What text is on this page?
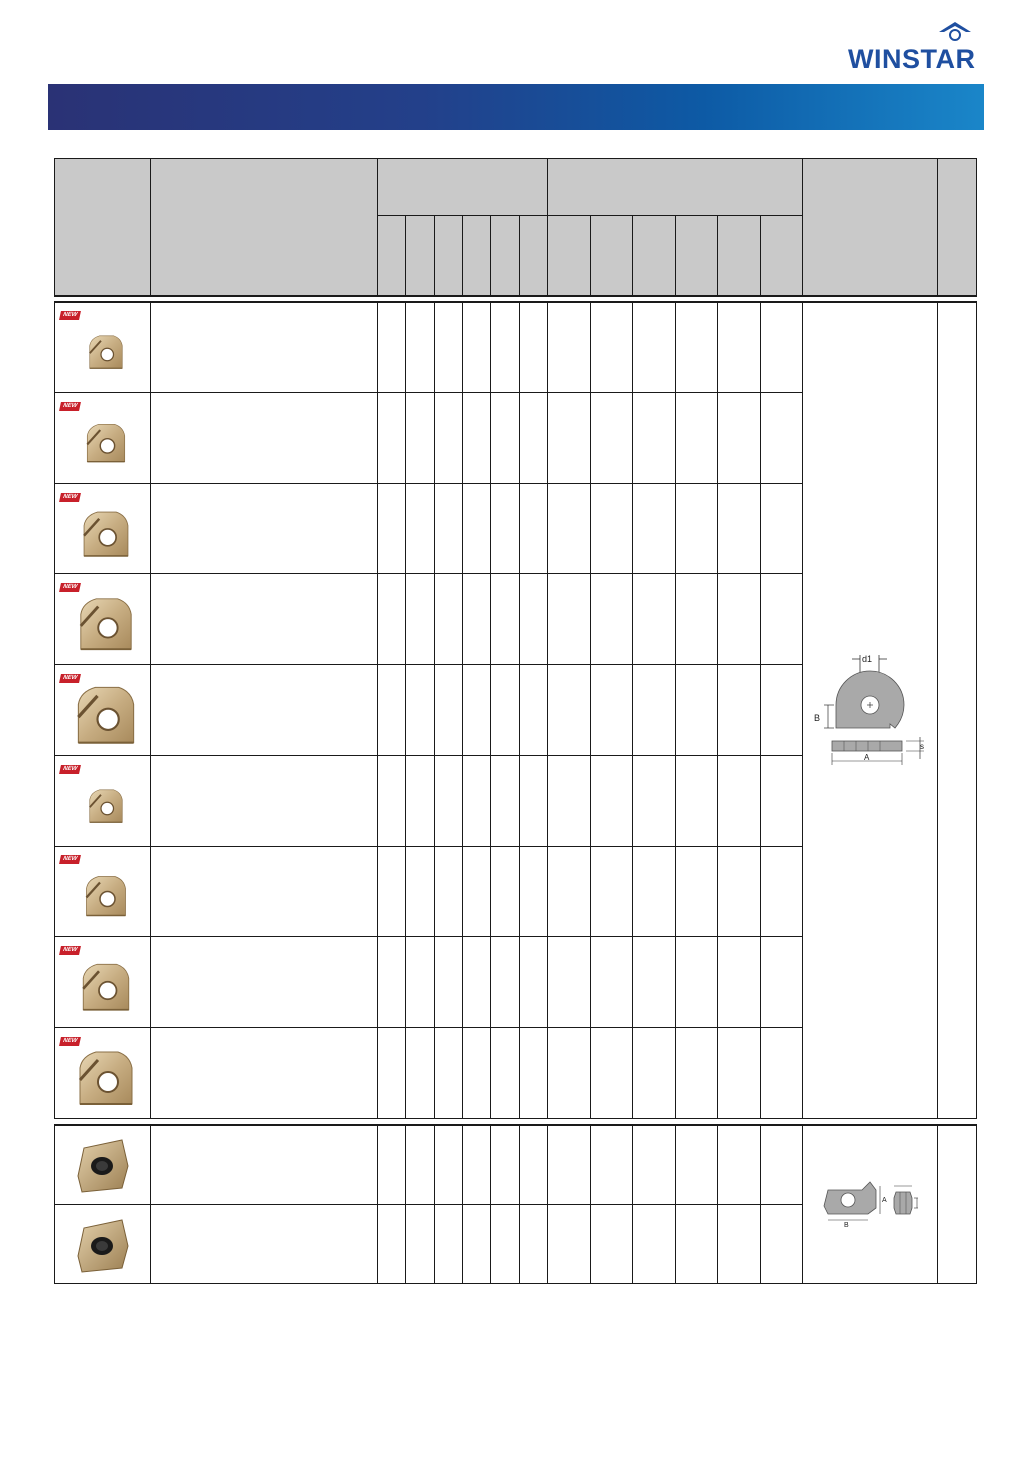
WINSTAR
d1
B
s
A
A
B
NEW
NEW
NEW
NEW
NEW
NEW
NEW
NEW
NEW
